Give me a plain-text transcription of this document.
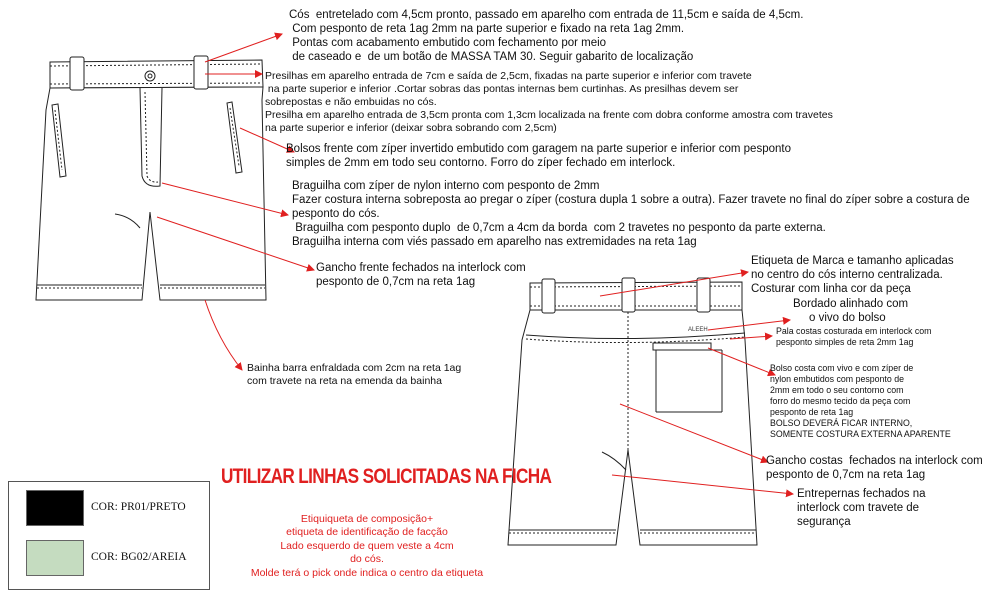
ALEEH
Cós  entretelado com 4,5cm pronto, passado em aparelho com entrada de 11,5cm e saída de 4,5cm.
Com pesponto de reta 1ag 2mm na parte superior e fixado na reta 1ag 2mm.
Pontas com acabamento embutido com fechamento por meio
de caseado e  de um botão de MASSA TAM 30. Seguir gabarito de localização
Presilhas em aparelho entrada de 7cm e saída de 2,5cm, fixadas na parte superior e inferior com travete
na parte superior e inferior .Cortar sobras das pontas internas bem curtinhas. As presilhas devem ser
sobrepostas e não embuidas no cós.
Presilha em aparelho entrada de 3,5cm pronta com 1,3cm localizada na frente com dobra conforme amostra com travetes
na parte superior e inferior (deixar sobra sobrando com 2,5cm)
Bolsos frente com zíper invertido embutido com garagem na parte superior e inferior com pesponto
simples de 2mm em todo seu contorno. Forro do zíper fechado em interlock.
Braguilha com zíper de nylon interno com pesponto de 2mm
Fazer costura interna sobreposta ao pregar o zíper (costura dupla 1 sobre a outra). Fazer travete no final do zíper sobre a costura de
pesponto do cós.
Braguilha com pesponto duplo  de 0,7cm a 4cm da borda  com 2 travetes no pesponto da parte externa.
Braguilha interna com viés passado em aparelho nas extremidades na reta 1ag
Gancho frente fechados na interlock com
pesponto de 0,7cm na reta 1ag
Bainha barra enfraldada com 2cm na reta 1ag
com travete na reta na emenda da bainha
Etiqueta de Marca e tamanho aplicadas
no centro do cós interno centralizada.
Costurar com linha cor da peça
Bordado alinhado com
o vivo do bolso
Pala costas costurada em interlock com
pesponto simples de reta 2mm 1ag
Bolso costa com vivo e com zíper de
nylon embutidos com pesponto de
2mm em todo o seu contorno com
forro do mesmo tecido da peça com
pesponto de reta 1ag
BOLSO DEVERÁ FICAR INTERNO,
SOMENTE COSTURA EXTERNA APARENTE
Gancho costas  fechados na interlock com
pesponto de 0,7cm na reta 1ag
Entrepernas fechados na
interlock com travete de
segurança
UTILIZAR LINHAS SOLICITADAS NA FICHA
Etiquiqueta de composição+
etiqueta de identificação de facção
Lado esquerdo de quem veste a 4cm
do cós.
Molde terá o pick onde indica o centro da etiqueta
COR: PR01/PRETO
COR: BG02/AREIA
